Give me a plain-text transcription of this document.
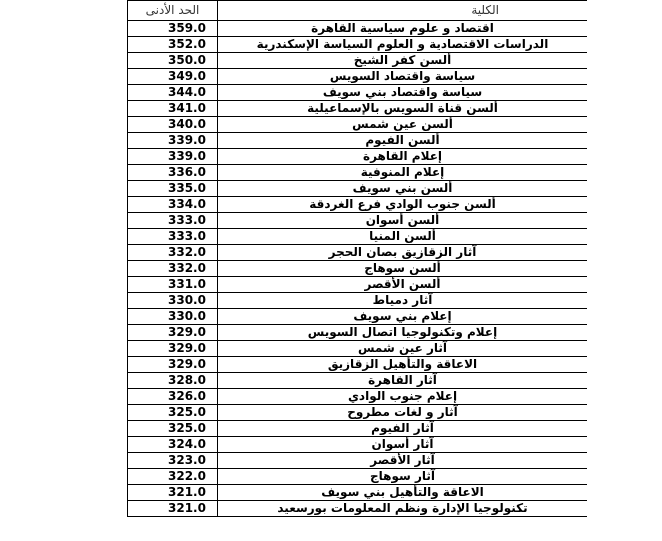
الحد الأدنى	الكلية
359.0	اقتصاد و علوم سياسية القاهرة
352.0	الدراسات الاقتصادية و العلوم السياسة الإسكندرية
350.0	ألسن كفر الشيخ
349.0	سياسة واقتصاد السويس
344.0	سياسة واقتصاد بني سويف
341.0	ألسن قناة السويس بالإسماعيلية
340.0	ألسن عين شمس
339.0	ألسن الفيوم
339.0	إعلام القاهرة
336.0	إعلام المنوفية
335.0	ألسن بني سويف
334.0	ألسن جنوب الوادي فرع الغردقة
333.0	ألسن أسوان
333.0	ألسن المنيا
332.0	آثار الزقازيق بصان الحجر
332.0	ألسن سوهاج
331.0	ألسن الأقصر
330.0	آثار دمياط
330.0	إعلام بني سويف
329.0	إعلام وتكنولوجيا اتصال السويس
329.0	آثار عين شمس
329.0	الاعاقة والتأهيل الزقازيق
328.0	آثار القاهرة
326.0	إعلام جنوب الوادي
325.0	آثار و لغات مطروح
325.0	آثار الفيوم
324.0	آثار أسوان
323.0	آثار الأقصر
322.0	آثار سوهاج
321.0	الاعاقة والتأهيل بني سويف
321.0	تكنولوجيا الإدارة ونظم المعلومات بورسعيد
